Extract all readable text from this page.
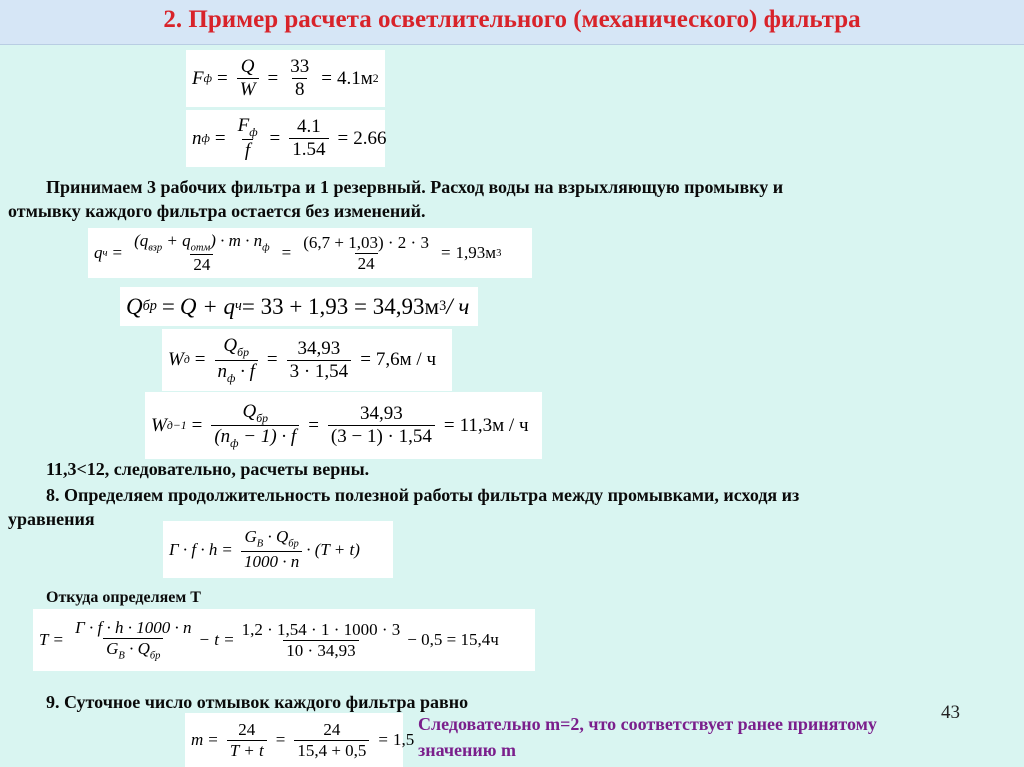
2. Пример расчета осветлительного (механического) фильтра
F $ф = \frac{Q}{W} = \frac{33}{8} = 4.1м$ 2
n $ф = \frac{F_ф}{f} = \frac{4.1}{1.54} = 2.66$
Принимаем 3 рабочих фильтра и 1 резервный. Расход воды на взрыхляющую промывку и
отмывку каждого фильтра остается без изменений.
q $ч = \frac{(q_{взр} + q_{отм}) \cdot m \cdot n_ф}{24} = \frac{(6,7 + 1,03) \cdot 2 \cdot 3}{24} = 1,93м$ 3
Q бр = Q + q ч = 33 + 1,93 = 34,93м 3 / ч
W $д = \frac{Q_{бр}}{n_ф \cdot f} = \frac{34,93}{3 \cdot 1,54} = 7,6м / ч$
W $д-1 = \frac{Q_{бр}}{(n_ф - 1) \cdot f} = \frac{34,93}{(3 - 1) \cdot 1,54} = 11,3м / ч$
11,3<12, следовательно, расчеты верны.
8. Определяем продолжительность полезной работы фильтра между промывками, исходя из
уравнения
$Г \cdot f \cdot h = \frac{G_В \cdot Q_{бр}}{1000 \cdot n} \cdot (T + t)$
Откуда определяем T
$T = \frac{Г \cdot f \cdot h \cdot 1000 \cdot n}{G_В \cdot Q_{бр}} - t = \frac{1,2 \cdot 1,54 \cdot 1 \cdot 1000 \cdot 3}{10 \cdot 34,93} - 0,5 = 15,4ч$
9. Суточное число отмывок каждого фильтра равно
$m = \frac{24}{T + t} = \frac{24}{15,4 + 0,5} = 1,5$
43
Следовательно m=2, что соответствует ранее принятому
значению m
